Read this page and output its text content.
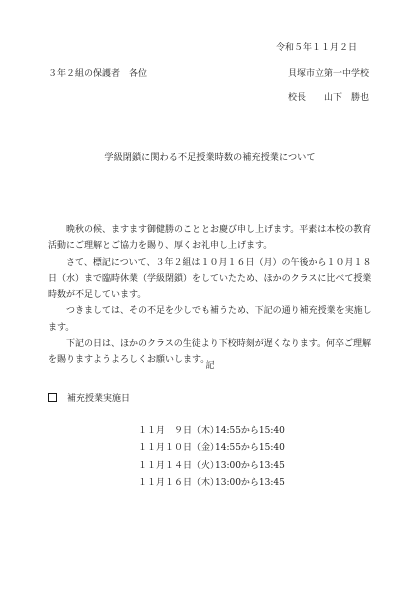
令和５年１１月２日
３年２組の保護者　各位	貝塚市立第一中学校
校長　　山下　勝也
学級閉鎖に関わる不足授業時数の補充授業について

晩秋の候、ますます御健勝のこととお慶び申し上げます。平素は本校の教育活動にご理解とご協力を賜り、厚くお礼申し上げます。

さて、標記について、３年２組は１０月１６日（月）の午後から１０月１８日（水）まで臨時休業（学級閉鎖）をしていたため、ほかのクラスに比べて授業時数が不足しています。

つきましては、その不足を少しでも補うため、下記の通り補充授業を実施します。

下記の日は、ほかのクラスの生徒より下校時刻が遅くなります。何卒ご理解を賜りますようよろしくお願いします。

記
補充授業実施日
１１月　９日（木）14:55から15:40
１１月１０日（金）14:55から15:40
１１月１４日（火）13:00から13:45
１１月１６日（木）13:00から13:45
